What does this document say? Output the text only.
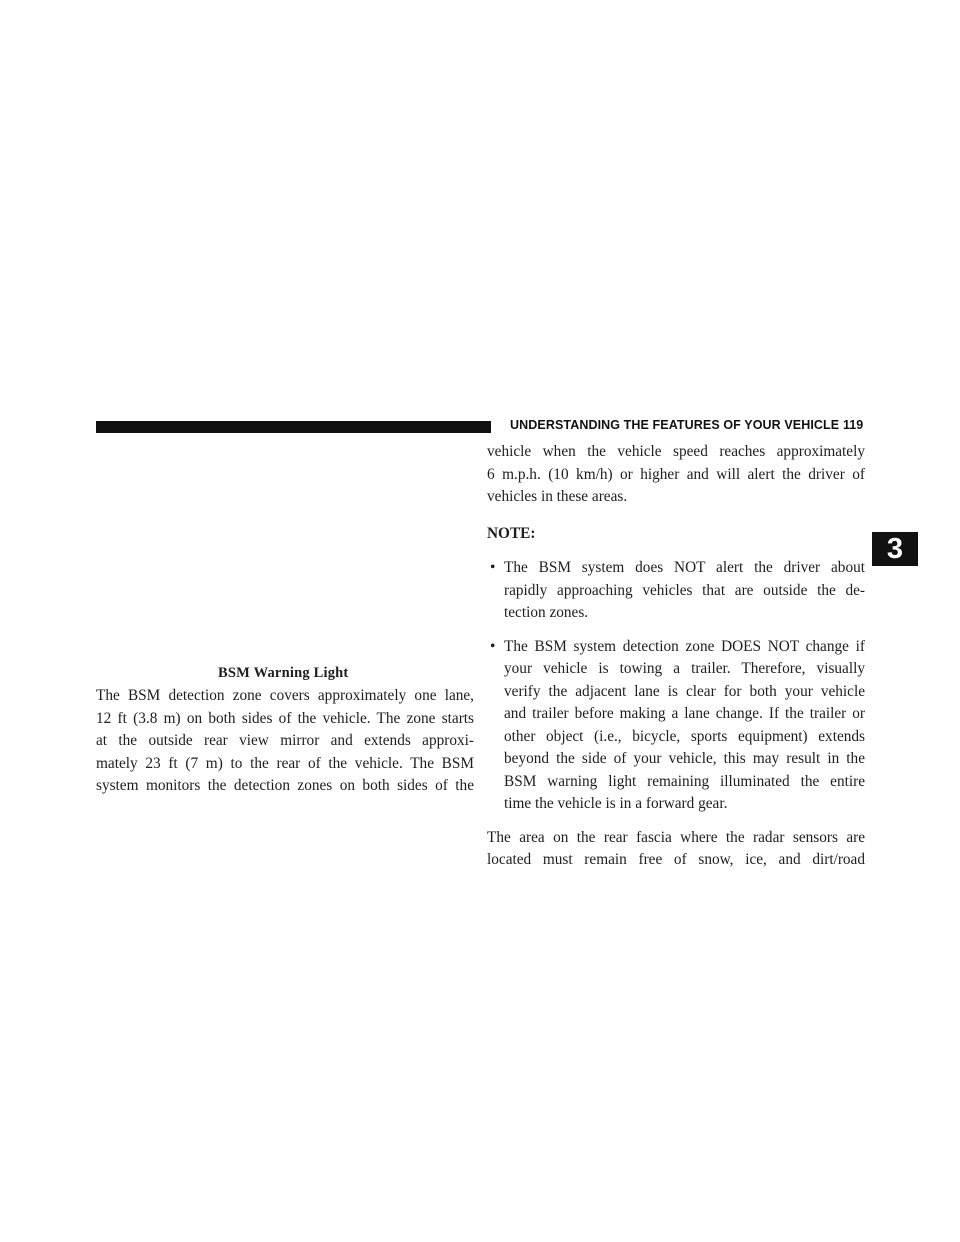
UNDERSTANDING THE FEATURES OF YOUR VEHICLE 119
3
BSM Warning Light
The BSM detection zone covers approximately one lane,
12 ft (3.8 m) on both sides of the vehicle. The zone starts
at the outside rear view mirror and extends approxi-
mately 23 ft (7 m) to the rear of the vehicle. The BSM
system monitors the detection zones on both sides of the
vehicle when the vehicle speed reaches approximately
6 m.p.h. (10 km/h) or higher and will alert the driver of
vehicles in these areas.
NOTE:
• The BSM system does NOT alert the driver about
rapidly approaching vehicles that are outside the de-
tection zones.
• The BSM system detection zone DOES NOT change if
your vehicle is towing a trailer. Therefore, visually
verify the adjacent lane is clear for both your vehicle
and trailer before making a lane change. If the trailer or
other object (i.e., bicycle, sports equipment) extends
beyond the side of your vehicle, this may result in the
BSM warning light remaining illuminated the entire
time the vehicle is in a forward gear.
The area on the rear fascia where the radar sensors are
located must remain free of snow, ice, and dirt/road
